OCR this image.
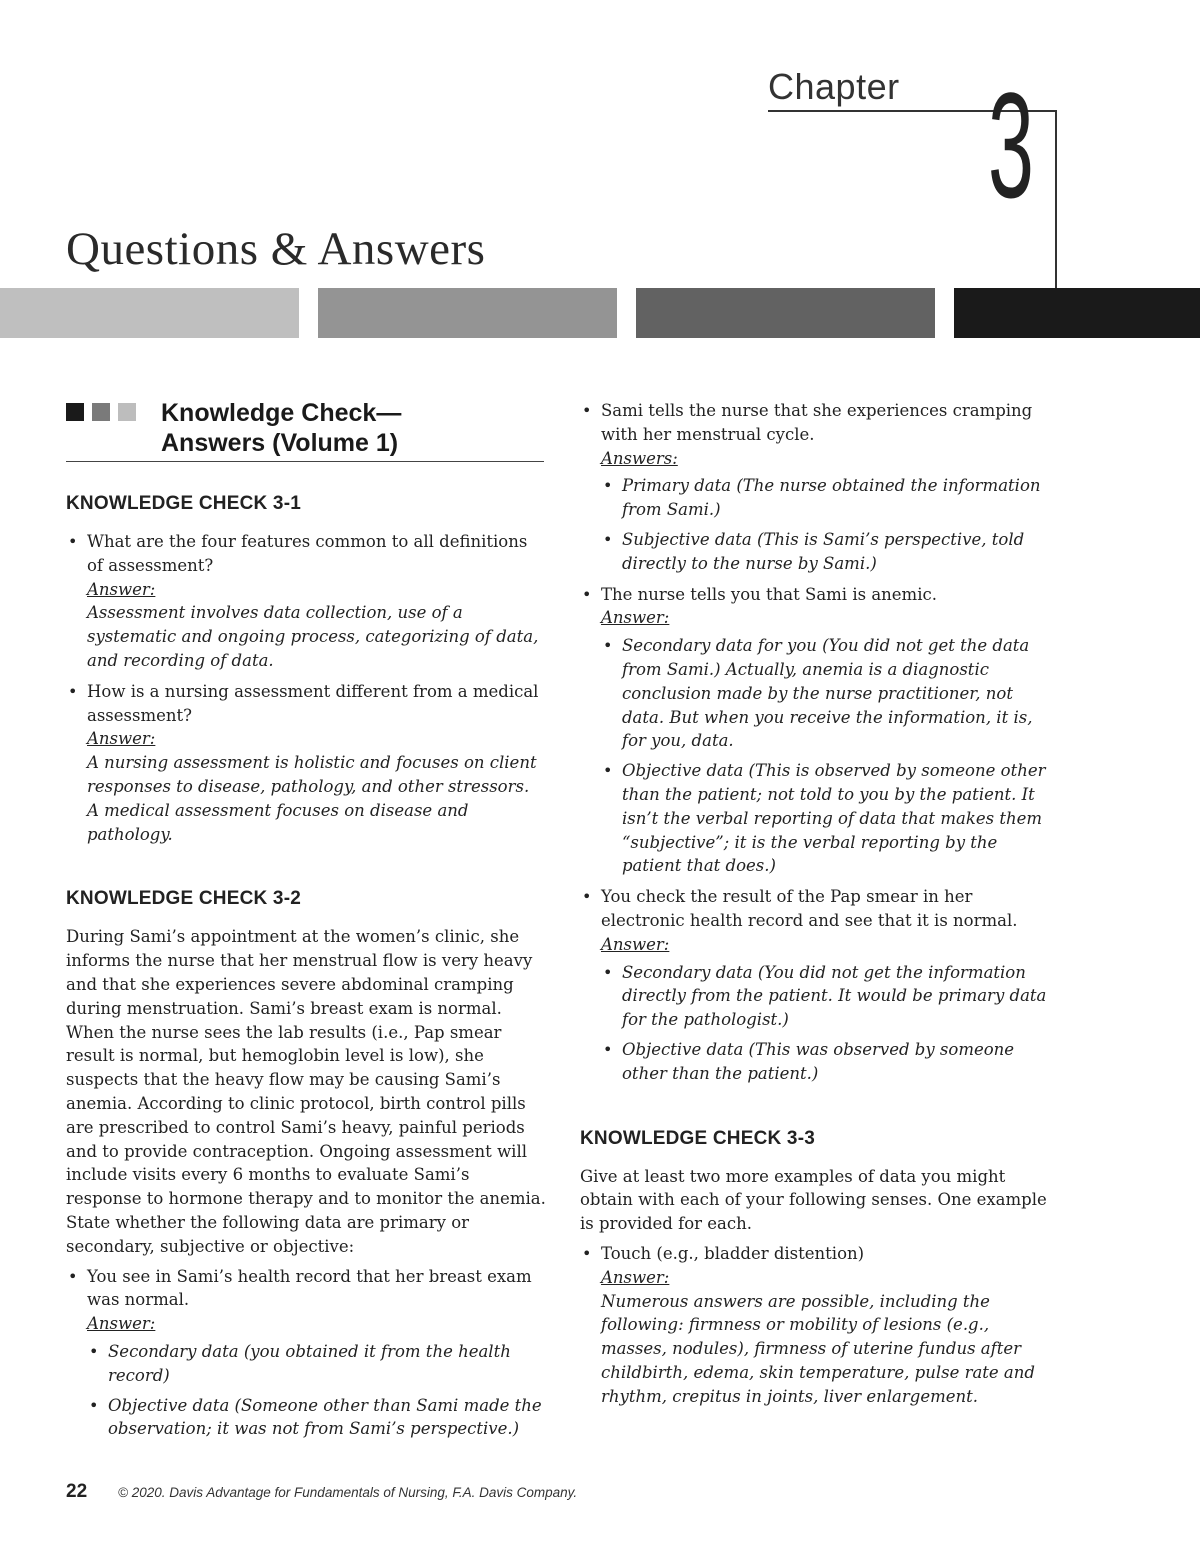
Chapter 3
Questions & Answers
Knowledge Check—
Answers (Volume 1)
KNOWLEDGE CHECK 3-1
• What are the four features common to all definitions of assessment?
Answer:
Assessment involves data collection, use of a systematic and ongoing process, categorizing of data, and recording of data.
• How is a nursing assessment different from a medical assessment?
Answer:
A nursing assessment is holistic and focuses on client responses to disease, pathology, and other stressors. A medical assessment focuses on disease and pathology.
KNOWLEDGE CHECK 3-2

During Sami’s appointment at the women’s clinic, she informs the nurse that her menstrual flow is very heavy and that she experiences severe abdominal cramping during menstruation. Sami’s breast exam is normal. When the nurse sees the lab results (i.e., Pap smear result is normal, but hemoglobin level is low), she suspects that the heavy flow may be causing Sami’s anemia. According to clinic protocol, birth control pills are prescribed to control Sami’s heavy, painful periods and to provide contraception. Ongoing assessment will include visits every 6 months to evaluate Sami’s response to hormone therapy and to monitor the anemia. State whether the following data are primary or secondary, subjective or objective:

• You see in Sami’s health record that her breast exam was normal.
Answer:
• Secondary data (you obtained it from the health record)
• Objective data (Someone other than Sami made the observation; it was not from Sami’s perspective.)
• Sami tells the nurse that she experiences cramping with her menstrual cycle.
Answers:
• Primary data (The nurse obtained the information from Sami.)
• Subjective data (This is Sami’s perspective, told directly to the nurse by Sami.)
• The nurse tells you that Sami is anemic.
Answer:
• Secondary data for you (You did not get the data from Sami.) Actually, anemia is a diagnostic conclusion made by the nurse practitioner, not data. But when you receive the information, it is, for you, data.
• Objective data (This is observed by someone other than the patient; not told to you by the patient. It isn’t the verbal reporting of data that makes them “subjective”; it is the verbal reporting by the patient that does.)
• You check the result of the Pap smear in her electronic health record and see that it is normal.
Answer:
• Secondary data (You did not get the information directly from the patient. It would be primary data for the pathologist.)
• Objective data (This was observed by someone other than the patient.)
KNOWLEDGE CHECK 3-3

Give at least two more examples of data you might obtain with each of your following senses. One example is provided for each.

• Touch (e.g., bladder distention)
Answer:
Numerous answers are possible, including the following: firmness or mobility of lesions (e.g., masses, nodules), firmness of uterine fundus after childbirth, edema, skin temperature, pulse rate and rhythm, crepitus in joints, liver enlargement.
22 © 2020. Davis Advantage for Fundamentals of Nursing, F.A. Davis Company.
